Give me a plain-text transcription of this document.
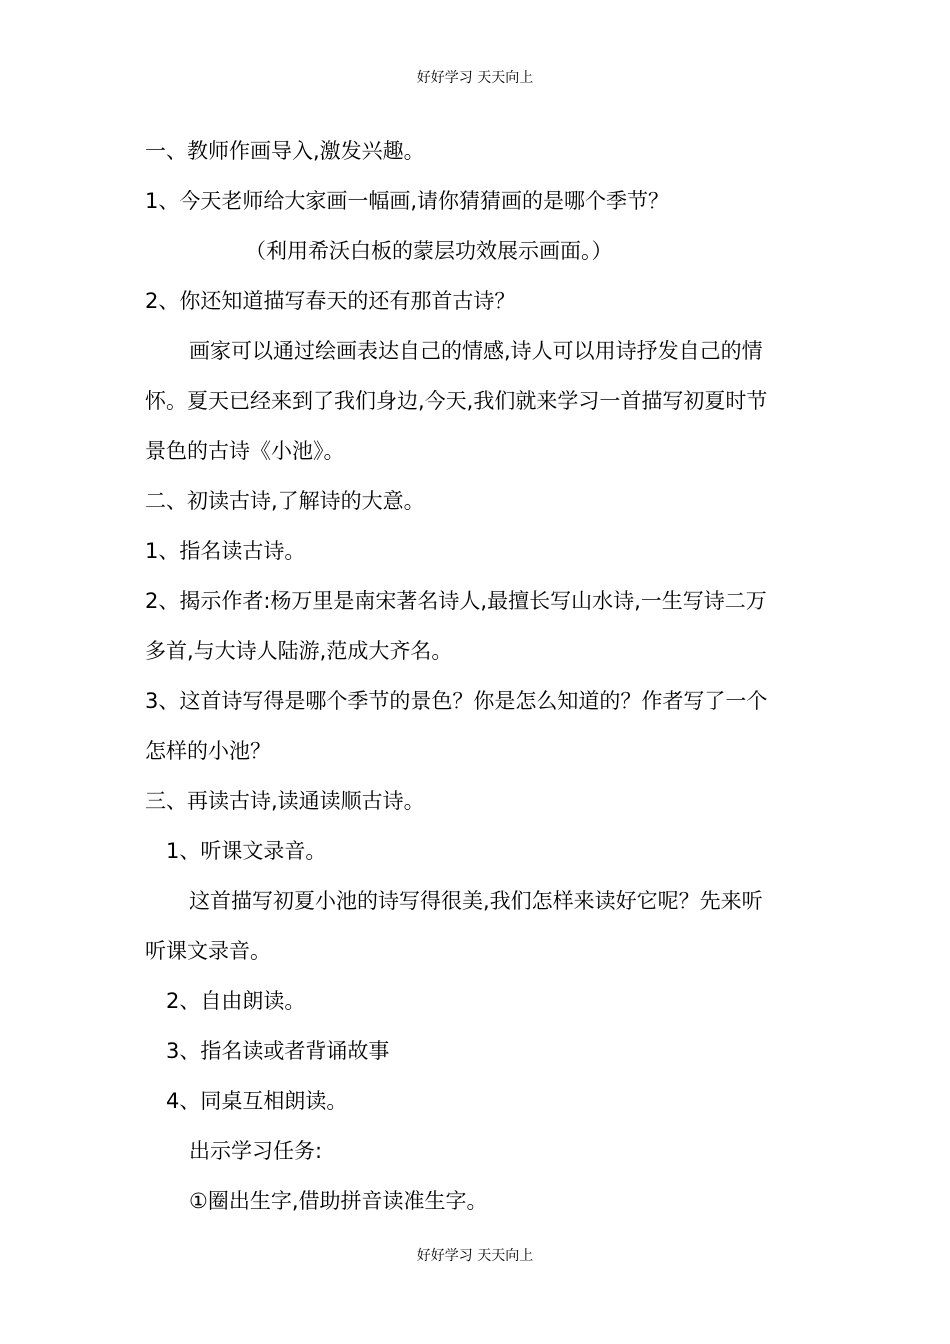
好好学习 天天向上
一、教师作画导入,激发兴趣。
1、今天老师给大家画一幅画,请你猜猜画的是哪个季节？
（利用希沃白板的蒙层功效展示画面。）
2、你还知道描写春天的还有那首古诗？
画家可以通过绘画表达自己的情感,诗人可以用诗抒发自己的情
怀。夏天已经来到了我们身边,今天,我们就来学习一首描写初夏时节
景色的古诗《小池》。
二、初读古诗,了解诗的大意。
1、指名读古诗。
2、揭示作者:杨万里是南宋著名诗人,最擅长写山水诗,一生写诗二万
多首,与大诗人陆游,范成大齐名。
3、这首诗写得是哪个季节的景色？你是怎么知道的？作者写了一个
怎样的小池？
三、再读古诗,读通读顺古诗。
1、听课文录音。
这首描写初夏小池的诗写得很美,我们怎样来读好它呢？先来听
听课文录音。
2、自由朗读。
3、指名读或者背诵故事
4、同桌互相朗读。
出示学习任务:
①圈出生字,借助拼音读准生字。
好好学习 天天向上
